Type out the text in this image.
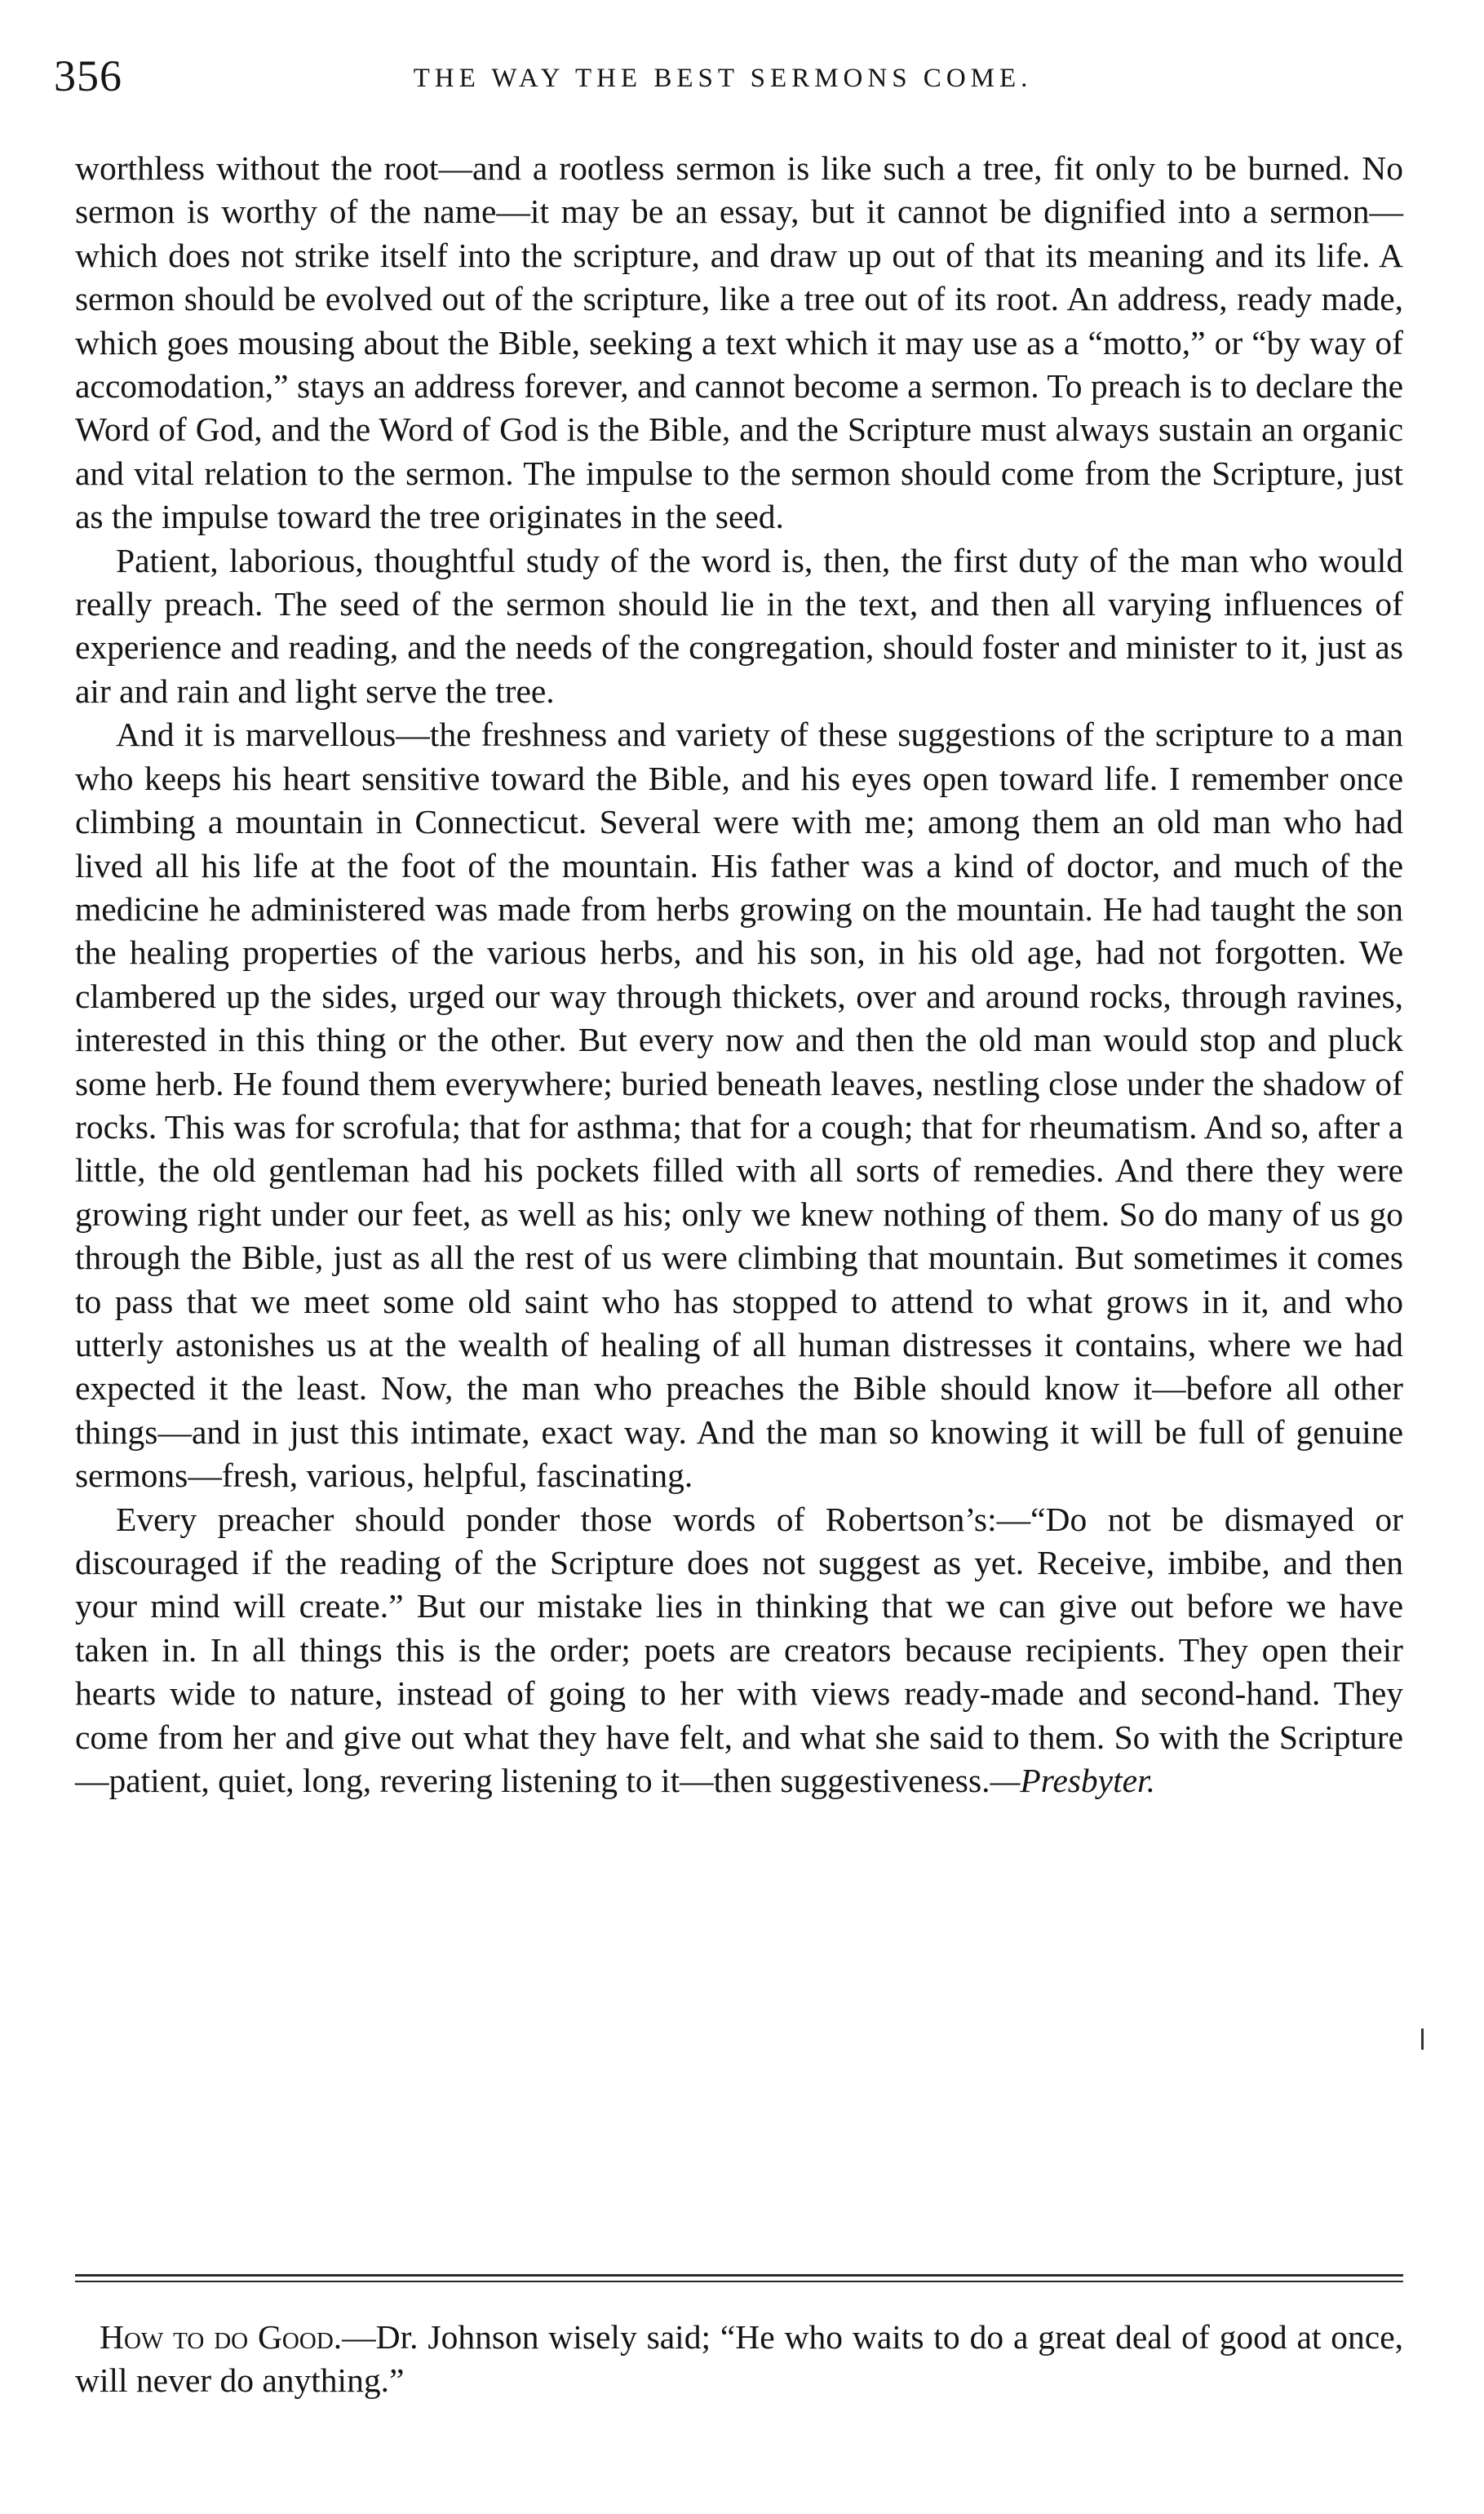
356	THE WAY THE BEST SERMONS COME.

worthless without the root—and a rootless sermon is like such a tree, fit only to be burned. No sermon is worthy of the name—it may be an essay, but it cannot be dignified into a sermon—which does not strike itself into the scripture, and draw up out of that its meaning and its life. A sermon should be evolved out of the scripture, like a tree out of its root. An address, ready made, which goes mousing about the Bible, seeking a text which it may use as a “motto,” or “by way of accomodation,” stays an address forever, and cannot become a sermon. To preach is to declare the Word of God, and the Word of God is the Bible, and the Scripture must always sustain an organic and vital relation to the sermon. The impulse to the sermon should come from the Scripture, just as the impulse toward the tree originates in the seed.

Patient, laborious, thoughtful study of the word is, then, the first duty of the man who would really preach. The seed of the sermon should lie in the text, and then all varying influences of experience and reading, and the needs of the congregation, should foster and minister to it, just as air and rain and light serve the tree.

And it is marvellous—the freshness and variety of these suggestions of the scripture to a man who keeps his heart sensitive toward the Bible, and his eyes open toward life. I remember once climbing a mountain in Connecticut. Several were with me; among them an old man who had lived all his life at the foot of the mountain. His father was a kind of doctor, and much of the medicine he administered was made from herbs growing on the mountain. He had taught the son the healing properties of the various herbs, and his son, in his old age, had not forgotten. We clambered up the sides, urged our way through thickets, over and around rocks, through ravines, interested in this thing or the other. But every now and then the old man would stop and pluck some herb. He found them everywhere; buried beneath leaves, nestling close under the shadow of rocks. This was for scrofula; that for asthma; that for a cough; that for rheumatism. And so, after a little, the old gentleman had his pockets filled with all sorts of remedies. And there they were growing right under our feet, as well as his; only we knew nothing of them. So do many of us go through the Bible, just as all the rest of us were climbing that mountain. But sometimes it comes to pass that we meet some old saint who has stopped to attend to what grows in it, and who utterly astonishes us at the wealth of healing of all human distresses it contains, where we had expected it the least. Now, the man who preaches the Bible should know it—before all other things—and in just this intimate, exact way. And the man so knowing it will be full of genuine sermons—fresh, various, helpful, fascinating.

Every preacher should ponder those words of Robertson’s:—“Do not be dismayed or discouraged if the reading of the Scripture does not suggest as yet. Receive, imbibe, and then your mind will create.” But our mistake lies in thinking that we can give out before we have taken in. In all things this is the order; poets are creators because recipients. They open their hearts wide to nature, instead of going to her with views ready-made and second-hand. They come from her and give out what they have felt, and what she said to them. So with the Scripture—patient, quiet, long, revering listening to it—then suggestiveness.—Presbyter.

How to do Good.—Dr. Johnson wisely said; “He who waits to do a great deal of good at once, will never do anything.”
